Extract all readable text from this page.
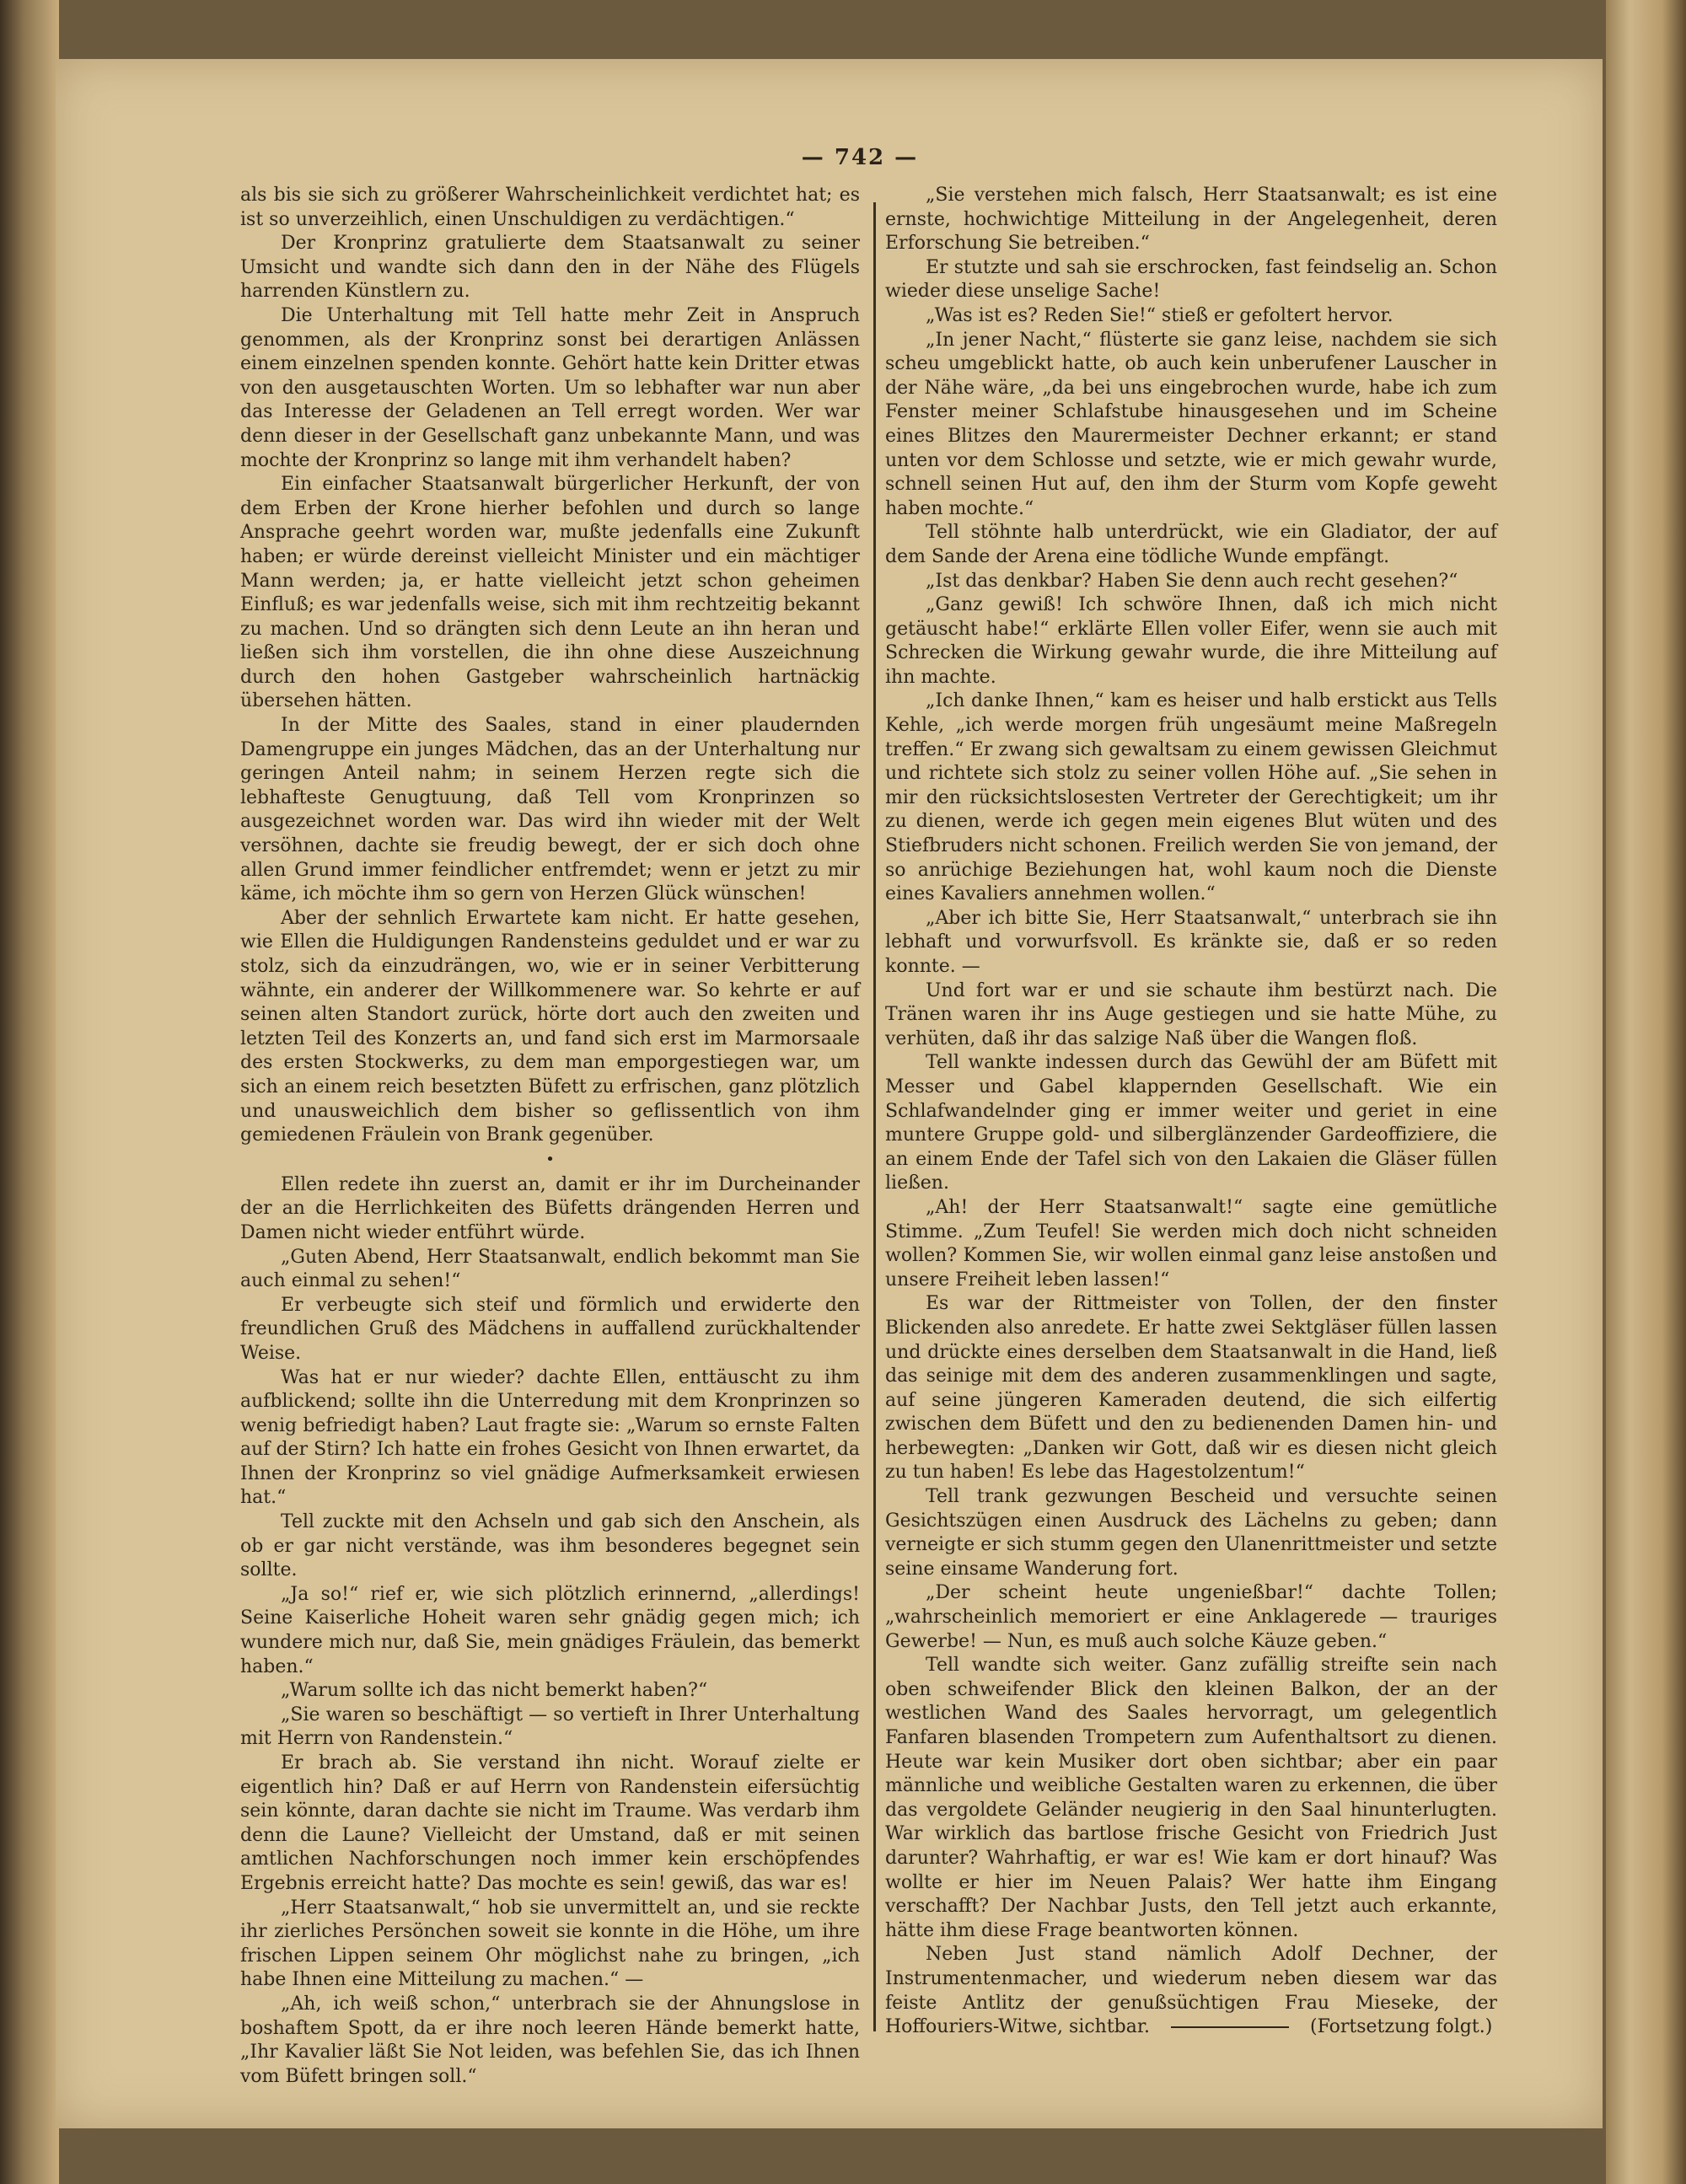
— 742 —

als bis sie sich zu größerer Wahrscheinlichkeit verdichtet hat; es ist so unverzeihlich, einen Unschuldigen zu verdächtigen.“

Der Kronprinz gratulierte dem Staatsanwalt zu seiner Umsicht und wandte sich dann den in der Nähe des Flügels harrenden Künstlern zu.

Die Unterhaltung mit Tell hatte mehr Zeit in Anspruch genommen, als der Kronprinz sonst bei derartigen Anlässen einem einzelnen spenden konnte. Gehört hatte kein Dritter etwas von den ausgetauschten Worten. Um so lebhafter war nun aber das Interesse der Geladenen an Tell erregt worden. Wer war denn dieser in der Gesellschaft ganz unbekannte Mann, und was mochte der Kronprinz so lange mit ihm verhandelt haben?

Ein einfacher Staatsanwalt bürgerlicher Herkunft, der von dem Erben der Krone hierher befohlen und durch so lange Ansprache geehrt worden war, mußte jedenfalls eine Zukunft haben; er würde dereinst vielleicht Minister und ein mächtiger Mann werden; ja, er hatte vielleicht jetzt schon geheimen Einfluß; es war jedenfalls weise, sich mit ihm rechtzeitig bekannt zu machen. Und so drängten sich denn Leute an ihn heran und ließen sich ihm vorstellen, die ihn ohne diese Auszeichnung durch den hohen Gastgeber wahrscheinlich hartnäckig übersehen hätten.

In der Mitte des Saales, stand in einer plaudernden Damengruppe ein junges Mädchen, das an der Unterhaltung nur geringen Anteil nahm; in seinem Herzen regte sich die lebhafteste Genugtuung, daß Tell vom Kronprinzen so ausgezeichnet worden war. Das wird ihn wieder mit der Welt versöhnen, dachte sie freudig bewegt, der er sich doch ohne allen Grund immer feindlicher entfremdet; wenn er jetzt zu mir käme, ich möchte ihm so gern von Herzen Glück wünschen!

Aber der sehnlich Erwartete kam nicht. Er hatte gesehen, wie Ellen die Huldigungen Randensteins geduldet und er war zu stolz, sich da einzudrängen, wo, wie er in seiner Verbitterung wähnte, ein anderer der Willkommenere war. So kehrte er auf seinen alten Standort zurück, hörte dort auch den zweiten und letzten Teil des Konzerts an, und fand sich erst im Marmorsaale des ersten Stockwerks, zu dem man emporgestiegen war, um sich an einem reich besetzten Büfett zu erfrischen, ganz plötzlich und unausweichlich dem bisher so geflissentlich von ihm gemiedenen Fräulein von Brank gegenüber.

•

Ellen redete ihn zuerst an, damit er ihr im Durcheinander der an die Herrlichkeiten des Büfetts drängenden Herren und Damen nicht wieder entführt würde.

„Guten Abend, Herr Staatsanwalt, endlich bekommt man Sie auch einmal zu sehen!“

Er verbeugte sich steif und förmlich und erwiderte den freundlichen Gruß des Mädchens in auffallend zurückhaltender Weise.

Was hat er nur wieder? dachte Ellen, enttäuscht zu ihm aufblickend; sollte ihn die Unterredung mit dem Kronprinzen so wenig befriedigt haben? Laut fragte sie: „Warum so ernste Falten auf der Stirn? Ich hatte ein frohes Gesicht von Ihnen erwartet, da Ihnen der Kronprinz so viel gnädige Aufmerksamkeit erwiesen hat.“

Tell zuckte mit den Achseln und gab sich den Anschein, als ob er gar nicht verstände, was ihm besonderes begegnet sein sollte.

„Ja so!“ rief er, wie sich plötzlich erinnernd, „allerdings! Seine Kaiserliche Hoheit waren sehr gnädig gegen mich; ich wundere mich nur, daß Sie, mein gnädiges Fräulein, das bemerkt haben.“

„Warum sollte ich das nicht bemerkt haben?“

„Sie waren so beschäftigt — so vertieft in Ihrer Unterhaltung mit Herrn von Randenstein.“

Er brach ab. Sie verstand ihn nicht. Worauf zielte er eigentlich hin? Daß er auf Herrn von Randenstein eifersüchtig sein könnte, daran dachte sie nicht im Traume. Was verdarb ihm denn die Laune? Vielleicht der Umstand, daß er mit seinen amtlichen Nachforschungen noch immer kein erschöpfendes Ergebnis erreicht hatte? Das mochte es sein! gewiß, das war es!

„Herr Staatsanwalt,“ hob sie unvermittelt an, und sie reckte ihr zierliches Persönchen soweit sie konnte in die Höhe, um ihre frischen Lippen seinem Ohr möglichst nahe zu bringen, „ich habe Ihnen eine Mitteilung zu machen.“ —

„Ah, ich weiß schon,“ unterbrach sie der Ahnungslose in boshaftem Spott, da er ihre noch leeren Hände bemerkt hatte, „Ihr Kavalier läßt Sie Not leiden, was befehlen Sie, das ich Ihnen vom Büfett bringen soll.“

„Sie verstehen mich falsch, Herr Staatsanwalt; es ist eine ernste, hochwichtige Mitteilung in der Angelegenheit, deren Erforschung Sie betreiben.“

Er stutzte und sah sie erschrocken, fast feindselig an. Schon wieder diese unselige Sache!

„Was ist es? Reden Sie!“ stieß er gefoltert hervor.

„In jener Nacht,“ flüsterte sie ganz leise, nachdem sie sich scheu umgeblickt hatte, ob auch kein unberufener Lauscher in der Nähe wäre, „da bei uns eingebrochen wurde, habe ich zum Fenster meiner Schlafstube hinausgesehen und im Scheine eines Blitzes den Maurermeister Dechner erkannt; er stand unten vor dem Schlosse und setzte, wie er mich gewahr wurde, schnell seinen Hut auf, den ihm der Sturm vom Kopfe geweht haben mochte.“

Tell stöhnte halb unterdrückt, wie ein Gladiator, der auf dem Sande der Arena eine tödliche Wunde empfängt.

„Ist das denkbar? Haben Sie denn auch recht gesehen?“

„Ganz gewiß! Ich schwöre Ihnen, daß ich mich nicht getäuscht habe!“ erklärte Ellen voller Eifer, wenn sie auch mit Schrecken die Wirkung gewahr wurde, die ihre Mitteilung auf ihn machte.

„Ich danke Ihnen,“ kam es heiser und halb erstickt aus Tells Kehle, „ich werde morgen früh ungesäumt meine Maßregeln treffen.“ Er zwang sich gewaltsam zu einem gewissen Gleichmut und richtete sich stolz zu seiner vollen Höhe auf. „Sie sehen in mir den rücksichtslosesten Vertreter der Gerechtigkeit; um ihr zu dienen, werde ich gegen mein eigenes Blut wüten und des Stiefbruders nicht schonen. Freilich werden Sie von jemand, der so anrüchige Beziehungen hat, wohl kaum noch die Dienste eines Kavaliers annehmen wollen.“

„Aber ich bitte Sie, Herr Staatsanwalt,“ unterbrach sie ihn lebhaft und vorwurfsvoll. Es kränkte sie, daß er so reden konnte. —

Und fort war er und sie schaute ihm bestürzt nach. Die Tränen waren ihr ins Auge gestiegen und sie hatte Mühe, zu verhüten, daß ihr das salzige Naß über die Wangen floß.

Tell wankte indessen durch das Gewühl der am Büfett mit Messer und Gabel klappernden Gesellschaft. Wie ein Schlafwandelnder ging er immer weiter und geriet in eine muntere Gruppe gold- und silberglänzender Gardeoffiziere, die an einem Ende der Tafel sich von den Lakaien die Gläser füllen ließen.

„Ah! der Herr Staatsanwalt!“ sagte eine gemütliche Stimme. „Zum Teufel! Sie werden mich doch nicht schneiden wollen? Kommen Sie, wir wollen einmal ganz leise anstoßen und unsere Freiheit leben lassen!“

Es war der Rittmeister von Tollen, der den finster Blickenden also anredete. Er hatte zwei Sektgläser füllen lassen und drückte eines derselben dem Staatsanwalt in die Hand, ließ das seinige mit dem des anderen zusammenklingen und sagte, auf seine jüngeren Kameraden deutend, die sich eilfertig zwischen dem Büfett und den zu bedienenden Damen hin- und herbewegten: „Danken wir Gott, daß wir es diesen nicht gleich zu tun haben! Es lebe das Hagestolzentum!“

Tell trank gezwungen Bescheid und versuchte seinen Gesichtszügen einen Ausdruck des Lächelns zu geben; dann verneigte er sich stumm gegen den Ulanenrittmeister und setzte seine einsame Wanderung fort.

„Der scheint heute ungenießbar!“ dachte Tollen; „wahrscheinlich memoriert er eine Anklagerede — trauriges Gewerbe! — Nun, es muß auch solche Käuze geben.“

Tell wandte sich weiter. Ganz zufällig streifte sein nach oben schweifender Blick den kleinen Balkon, der an der westlichen Wand des Saales hervorragt, um gelegentlich Fanfaren blasenden Trompetern zum Aufenthaltsort zu dienen. Heute war kein Musiker dort oben sichtbar; aber ein paar männliche und weibliche Gestalten waren zu erkennen, die über das vergoldete Geländer neugierig in den Saal hinunterlugten. War wirklich das bartlose frische Gesicht von Friedrich Just darunter? Wahrhaftig, er war es! Wie kam er dort hinauf? Was wollte er hier im Neuen Palais? Wer hatte ihm Eingang verschafft? Der Nachbar Justs, den Tell jetzt auch erkannte, hätte ihm diese Frage beantworten können.

Neben Just stand nämlich Adolf Dechner, der Instrumentenmacher, und wiederum neben diesem war das feiste Antlitz der genußsüchtigen Frau Mieseke, der Hoffouriers-Witwe, sichtbar.	(Fortsetzung folgt.)
